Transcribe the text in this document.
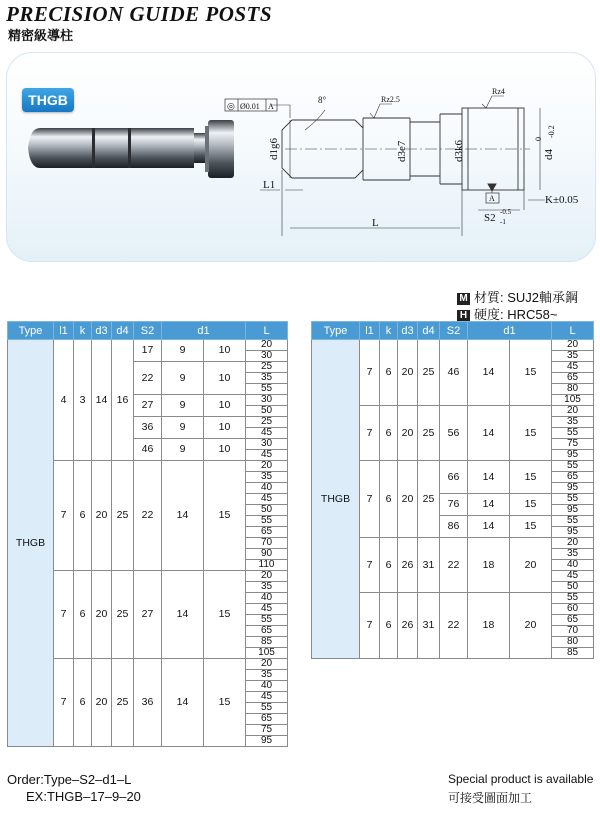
PRECISION GUIDE POSTS
精密級導柱
THGB	◎ Ø0.01 A
8°	Rz2.5
Rz4
d1g6	d3e7	d3k6	d4
0
-0.2
L1
L	S2 -0.5
-1
K±0.05
A
M 材質: SUJ2軸承鋼
H 硬度: HRC58~
Type	l1	k	d3	d4	S2	d1		L
THGB	4	3	14	16	17	9	10	20
								30
					22	9	10	25
								35
								55
					27	9	10	30
								50
					36	9	10	25
								45
					46	9	10	30
								45
	7	6	20	25	22	14	15	20
								35
								40
								45
								50
								55
								65
								70
								90
								110
	7	6	20	25	27	14	15	20
								35
								40
								45
								55
								65
								85
								105
	7	6	20	25	36	14	15	20
								35
								40
								45
								55
								65
								75
								95
Type	l1	k	d3	d4	S2	d1		L
THGB	7	6	20	25	46	14	15	20
								35
								45
								65
								80
								105
	7	6	20	25	56	14	15	20
								35
								55
								75
								95
	7	6	20	25	66	14	15	55
								65
								95
					76	14	15	55
								95
					86	14	15	55
								95
	7	6	26	31	22	18	20	20
								35
								40
								45
								50
	7	6	26	31	22	18	20	55
								60
								65
								70
								80
								85
Order:Type–S2–d1–L
EX:THGB–17–9–20
Special product is available
可接受圖面加工
